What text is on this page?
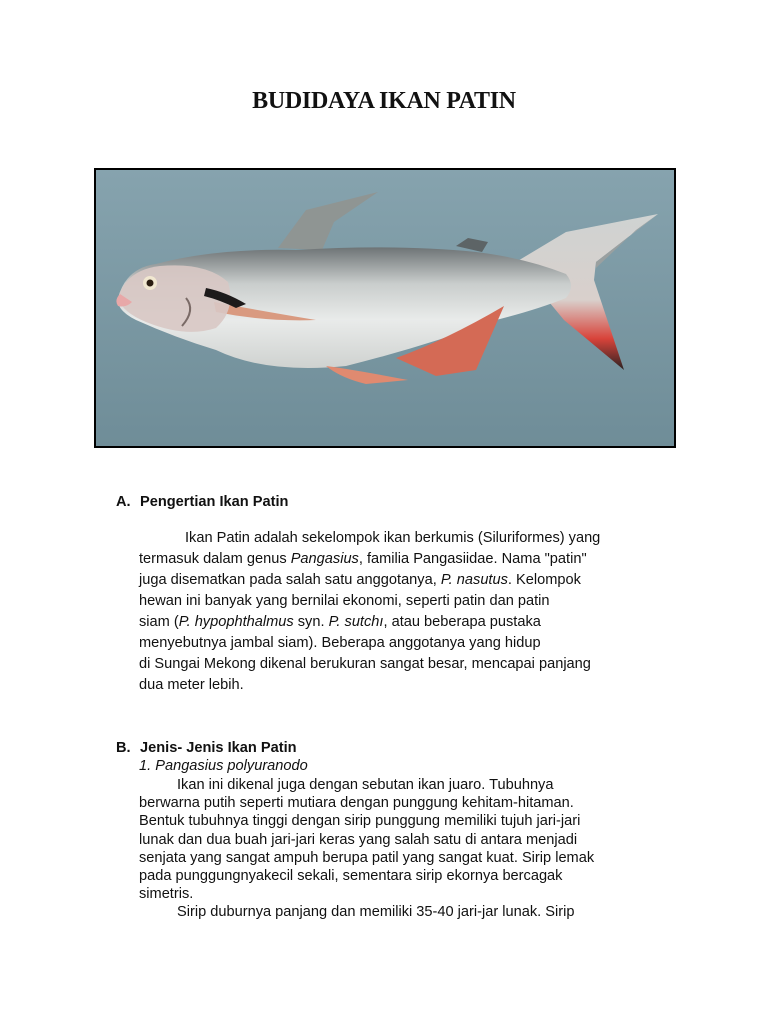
BUDIDAYA IKAN PATIN
A. Pengertian Ikan Patin
Ikan Patin adalah sekelompok ikan berkumis (Siluriformes) yang
termasuk dalam genus Pangasius, familia Pangasiidae. Nama "patin"
juga disematkan pada salah satu anggotanya, P. nasutus. Kelompok
hewan ini banyak yang bernilai ekonomi, seperti patin dan patin
siam (P. hypophthalmus syn. P. sutchı, atau beberapa pustaka
menyebutnya jambal siam). Beberapa anggotanya yang hidup
di Sungai Mekong dikenal berukuran sangat besar, mencapai panjang
dua meter lebih.
B. Jenis- Jenis Ikan Patin
1. Pangasius polyuranodo
Ikan ini dikenal juga dengan sebutan ikan juaro. Tubuhnya
berwarna putih seperti mutiara dengan punggung kehitam-hitaman.
Bentuk tubuhnya tinggi dengan sirip punggung memiliki tujuh jari-jari
lunak dan dua buah jari-jari keras yang salah satu di antara menjadi
senjata yang sangat ampuh berupa patil yang sangat kuat. Sirip lemak
pada punggungnyakecil sekali, sementara sirip ekornya bercagak
simetris.
Sirip duburnya panjang dan memiliki 35-40 jari-jar lunak. Sirip
